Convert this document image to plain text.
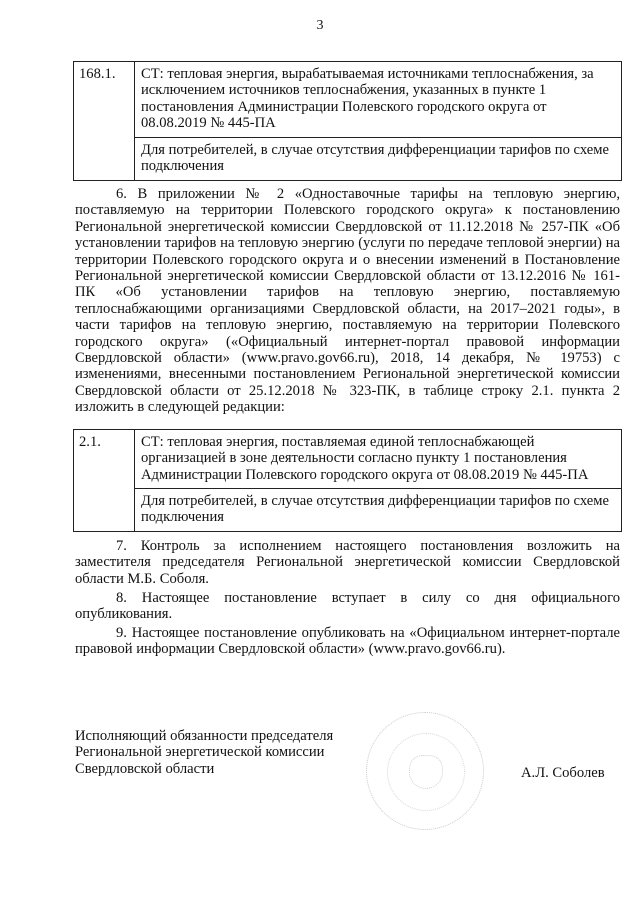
3
168.1.	СТ: тепловая энергия, вырабатываемая источниками теплоснабжения, за исключением источников теплоснабжения, указанных в пункте 1 постановления Администрации Полевского городского округа от 08.08.2019 № 445-ПА
Для потребителей, в случае отсутствия дифференциации тарифов по схеме подключения

6. В приложении № 2 «Одноставочные тарифы на тепловую энергию, поставляемую на территории Полевского городского округа» к постановлению Региональной энергетической комиссии Свердловской от 11.12.2018 № 257-ПК «Об установлении тарифов на тепловую энергию (услуги по передаче тепловой энергии) на территории Полевского городского округа и о внесении изменений в Постановление Региональной энергетической комиссии Свердловской области от 13.12.2016 № 161-ПК «Об установлении тарифов на тепловую энергию, поставляемую теплоснабжающими организациями Свердловской области, на 2017–2021 годы», в части тарифов на тепловую энергию, поставляемую на территории Полевского городского округа» («Официальный интернет-портал правовой информации Свердловской области» (www.pravo.gov66.ru), 2018, 14 декабря, № 19753) с изменениями, внесенными постановлением Региональной энергетической комиссии Свердловской области от 25.12.2018 № 323-ПК, в таблице строку 2.1. пункта 2 изложить в следующей редакции:

2.1.	СТ: тепловая энергия, поставляемая единой теплоснабжающей организацией в зоне деятельности согласно пункту 1 постановления Администрации Полевского городского округа от 08.08.2019 № 445-ПА
Для потребителей, в случае отсутствия дифференциации тарифов по схеме подключения

7. Контроль за исполнением настоящего постановления возложить на заместителя председателя Региональной энергетической комиссии Свердловской области М.Б. Соболя.

8. Настоящее постановление вступает в силу со дня официального опубликования.

9. Настоящее постановление опубликовать на «Официальном интернет-портале правовой информации Свердловской области» (www.pravo.gov66.ru).

Исполняющий обязанности председателя
Региональной энергетической комиссии
Свердловской области	А.Л. Соболев
